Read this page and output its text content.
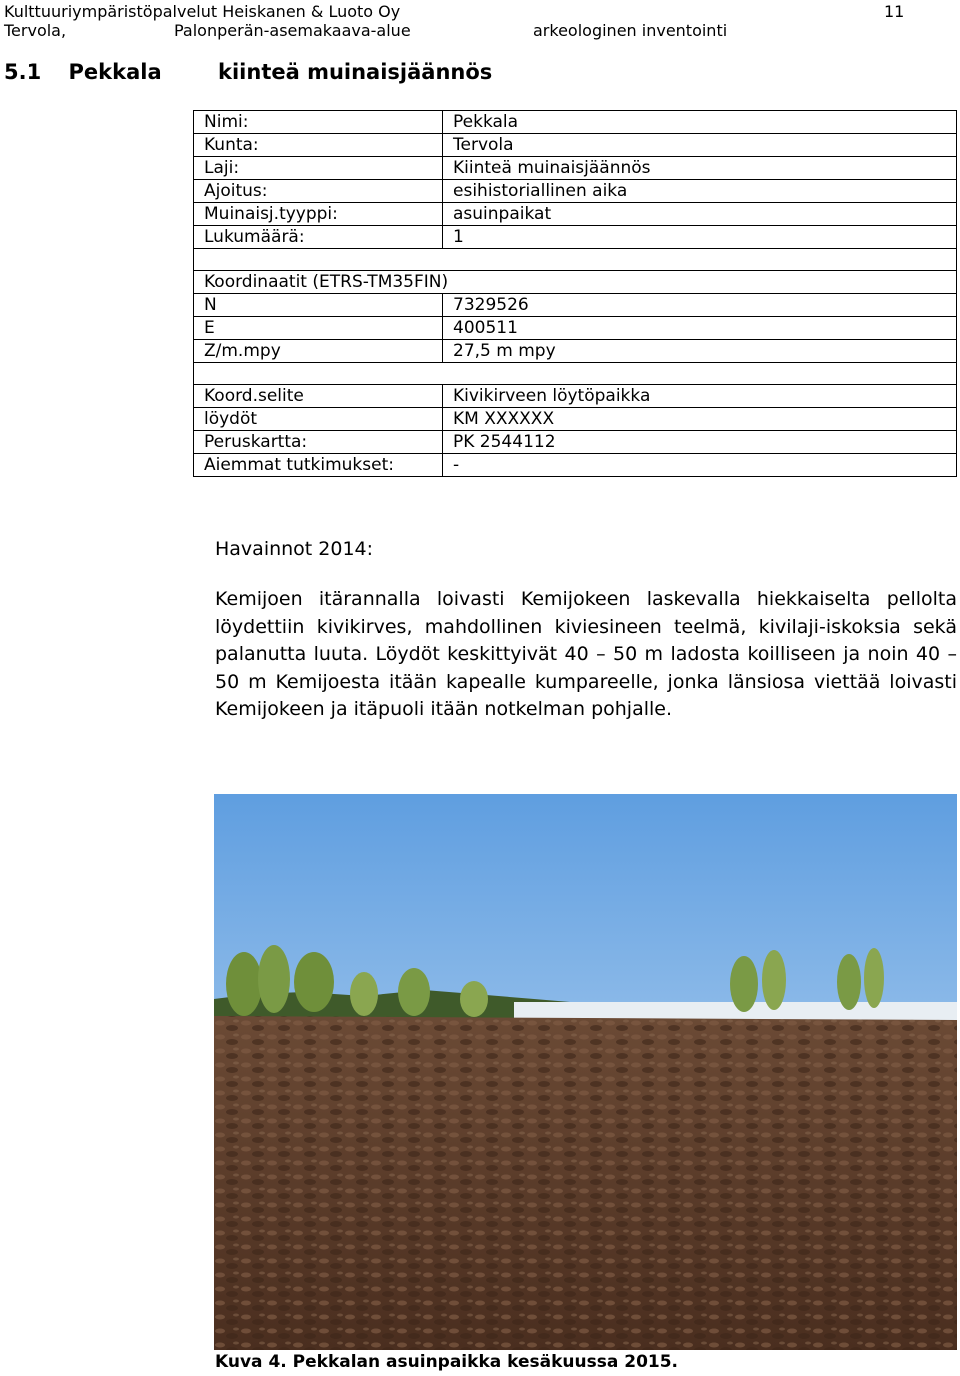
Kulttuuriympäristöpalvelut Heiskanen & Luoto Oy	11
Tervola,	Palonperän-asemakaava-alue	arkeologinen inventointi
5.1 Pekkala	kiinteä muinaisjäännös
Nimi:	Pekkala
Kunta:	Tervola
Laji:	Kiinteä muinaisjäännös
Ajoitus:	esihistoriallinen aika
Muinaisj.tyyppi:	asuinpaikat
Lukumäärä:	1

Koordinaatit (ETRS-TM35FIN)	
N	7329526
E	400511
Z/m.mpy	27,5 m mpy

Koord.selite	Kivikirveen löytöpaikka
löydöt	KM XXXXXX
Peruskartta:	PK 2544112
Aiemmat tutkimukset:	-
Havainnot 2014:
Kemijoen itärannalla loivasti Kemijokeen laskevalla hiekkaiselta pellolta löydettiin kivikirves, mahdollinen kiviesineen teelmä, kivilaji-iskoksia sekä palanutta luuta. Löydöt keskittyivät 40 – 50 m ladosta koilliseen ja noin 40 – 50 m Kemijoesta itään kapealle kumpareelle, jonka länsiosa viettää loivasti Kemijokeen ja itäpuoli itään notkelman pohjalle.
Kuva 4. Pekkalan asuinpaikka kesäkuussa 2015.
